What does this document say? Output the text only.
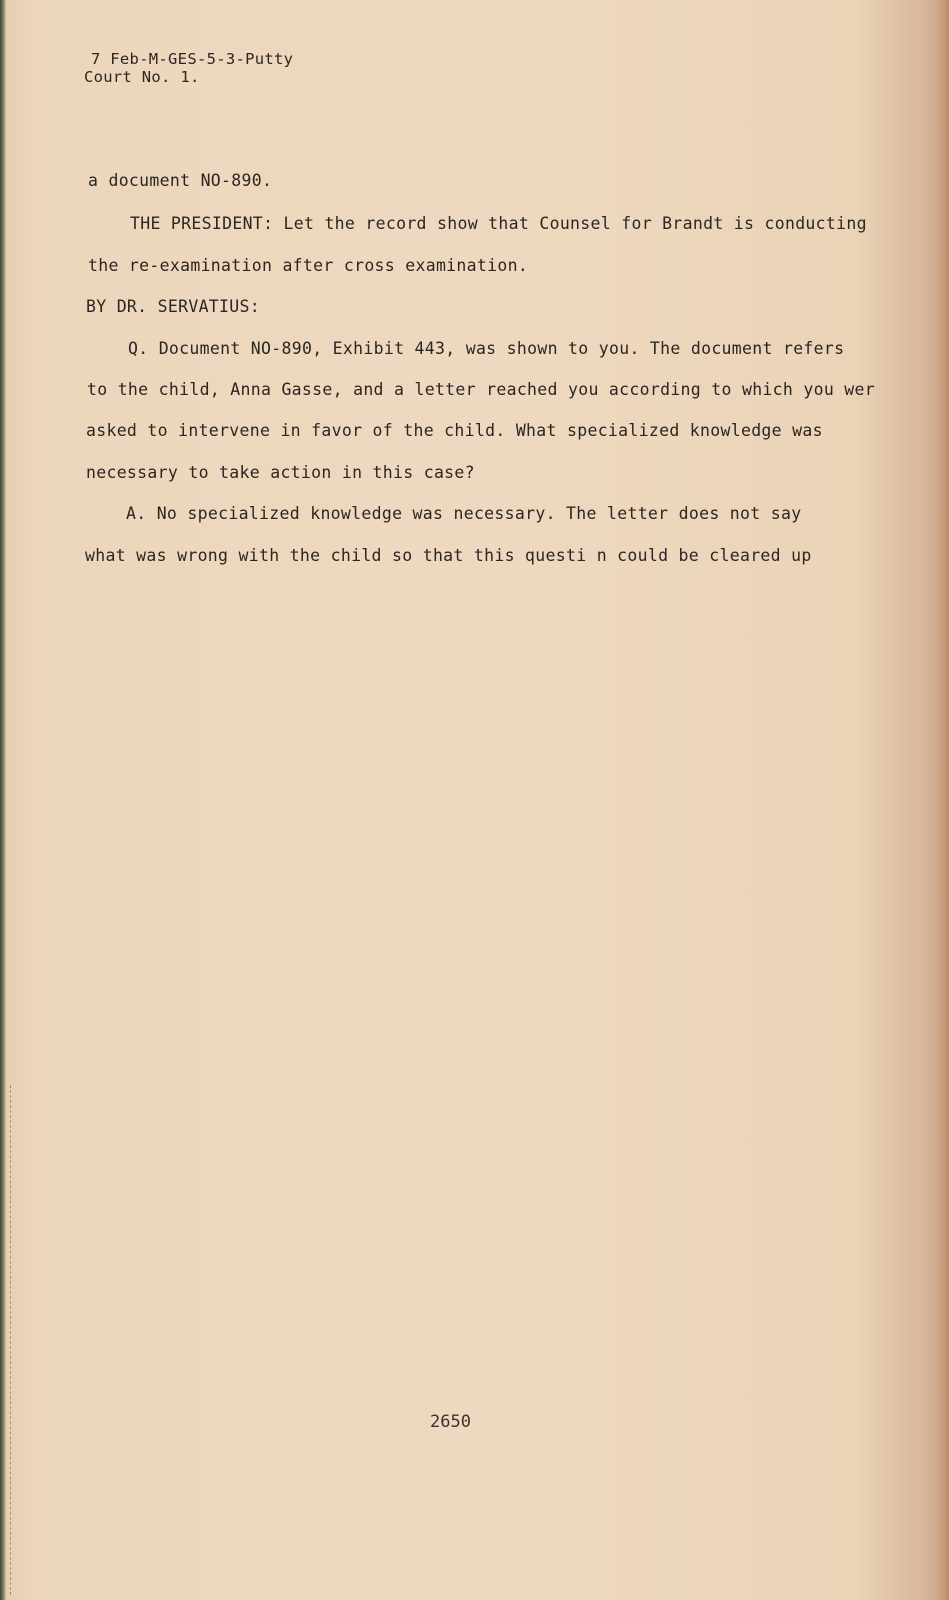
7 Feb-M-GES-5-3-Putty
Court No. 1.
a document NO-890.
THE PRESIDENT: Let the record show that Counsel for Brandt is conducting
the re-examination after cross examination.
BY DR. SERVATIUS:
Q. Document NO-890, Exhibit 443, was shown to you. The document refers
to the child, Anna Gasse, and a letter reached you according to which you wer
asked to intervene in favor of the child. What specialized knowledge was
necessary to take action in this case?
A. No specialized knowledge was necessary. The letter does not say
what was wrong with the child so that this questi n could be cleared up
2650
